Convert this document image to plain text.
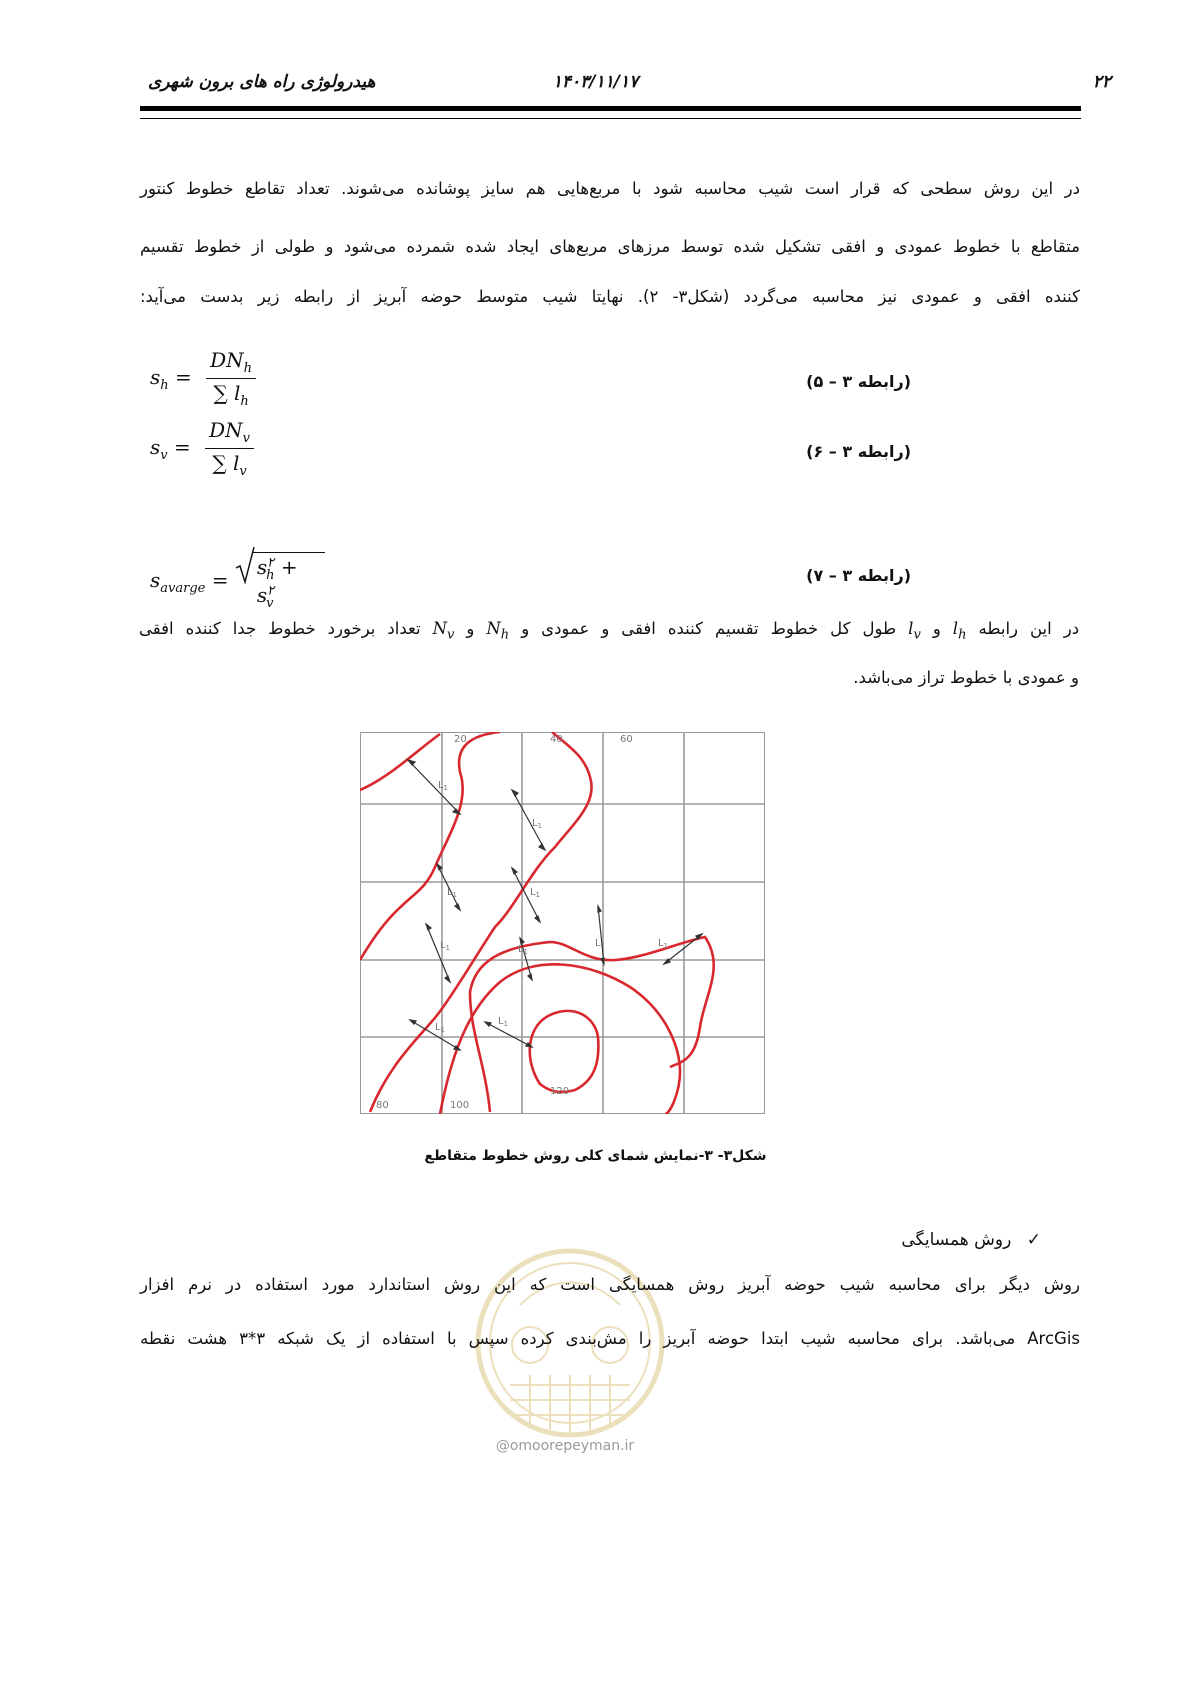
۲۲
۱۴۰۳/۱۱/۱۷
هیدرولوژی راه های برون شهری

در این روش سطحی که قرار است شیب محاسبه شود با مربع‌هایی هم سایز پوشانده می‌شوند. تعداد تقاطع خطوط کنتور

متقاطع با خطوط عمودی و افقی تشکیل شده توسط مرزهای مربع‌های ایجاد شده شمرده می‌شود و طولی از خطوط تقسیم

کننده افقی و عمودی نیز محاسبه می‌گردد (شکل۳- ۲). نهایتا شیب متوسط حوضه آبریز از رابطه زیر بدست می‌آید:

$s_h = \frac{DN_h}{\sum l_h}$	(رابطه ۳ – ۵)
$s_v = \frac{DN_v}{\sum l_v}$	(رابطه ۳ – ۶)
$s_{avarge}$ =
$s^۲_h + s^۲_v$
(رابطه ۳ – ۷)
در این رابطه $l_h$ و $l_v$ طول کل خطوط تقسیم کننده افقی و عمودی و $N_h$ و $N_v$ تعداد برخورد خطوط جدا کننده افقی
و عمودی با خطوط تراز می‌باشد.
$L_1$
$L_1$
$L_1$	$L_1$
$L_1$	$L_1$
$L_1$	$L_1$
$L_1$
$L_1$
20	40	60
80	100
120
شکل۳- ۳-نمایش شمای کلی روش خطوط متقاطع
✓ روش همسایگی
@omoorepeyman.ir

روش دیگر برای محاسبه شیب حوضه آبریز روش همسایگی است که این روش استاندارد مورد استفاده در نرم افزار

ArcGis می‌باشد. برای محاسبه شیب ابتدا حوضه آبریز را مش‌بندی کرده سپس با استفاده از یک شبکه ۳*۳ هشت نقطه
